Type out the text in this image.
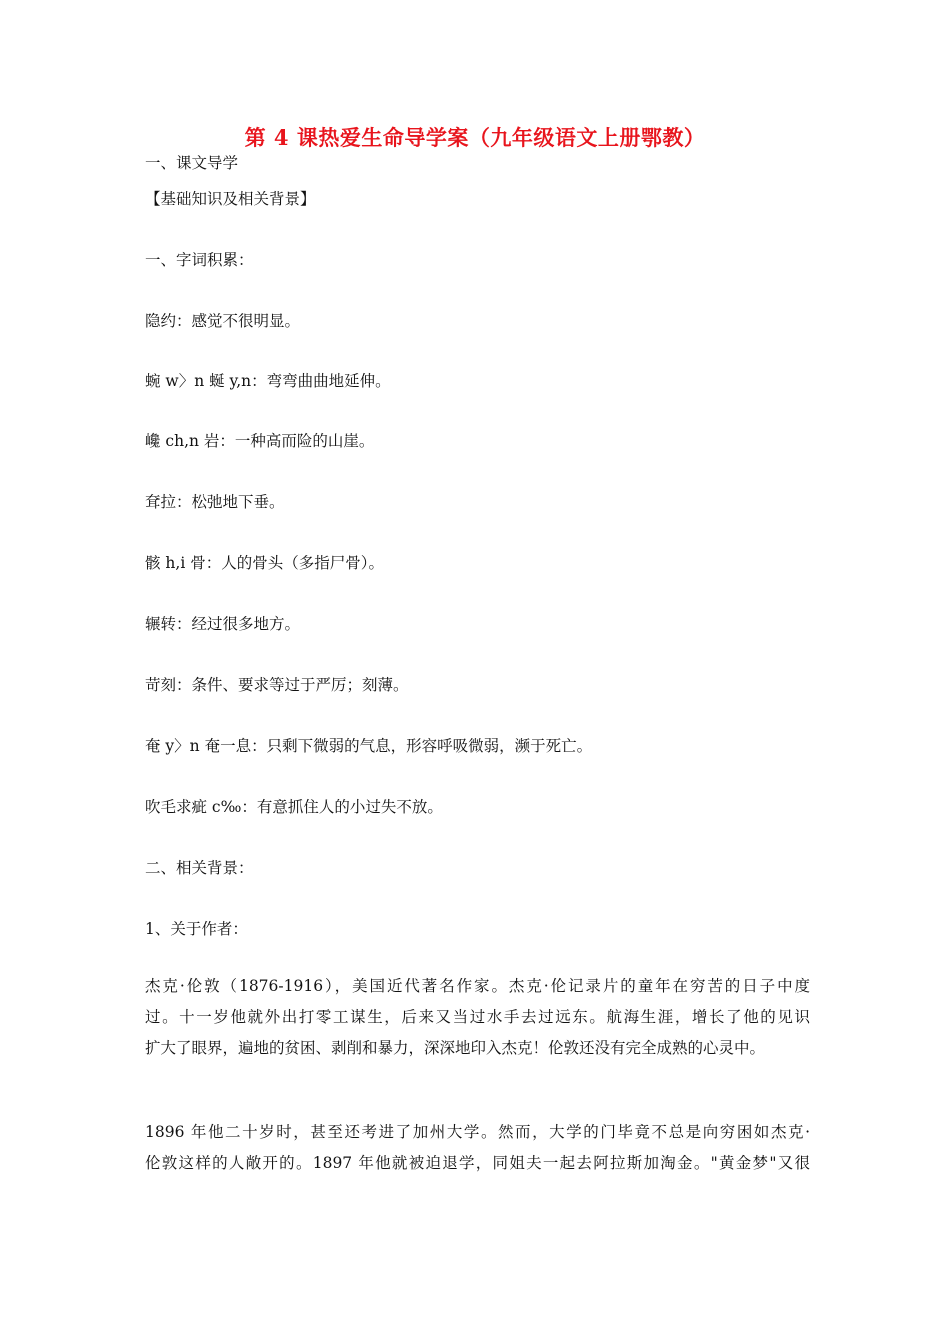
第 4 课热爱生命导学案（九年级语文上册鄂教）
一、课文导学
【基础知识及相关背景】
一、字词积累：
隐约：感觉不很明显。
蜿 w〉n 蜒 y,n：弯弯曲曲地延伸。
巉 ch,n 岩：一种高而险的山崖。
耷拉：松弛地下垂。
骸 h,i 骨：人的骨头（多指尸骨）。
辗转：经过很多地方。
苛刻：条件、要求等过于严厉；刻薄。
奄 y〉n 奄一息：只剩下微弱的气息，形容呼吸微弱，濒于死亡。
吹毛求疵 c‰：有意抓住人的小过失不放。
二、相关背景：
1、关于作者：
杰克·伦敦（1876-1916），美国近代著名作家。杰克·伦记录片的童年在穷苦的日子中度
过。十一岁他就外出打零工谋生，后来又当过水手去过远东。航海生涯，增长了他的见识
扩大了眼界，遍地的贫困、剥削和暴力，深深地印入杰克！伦敦还没有完全成熟的心灵中。
1896 年他二十岁时，甚至还考进了加州大学。然而，大学的门毕竟不总是向穷困如杰克·
伦敦这样的人敞开的。1897 年他就被迫退学，同姐夫一起去阿拉斯加淘金。"黄金梦"又很
